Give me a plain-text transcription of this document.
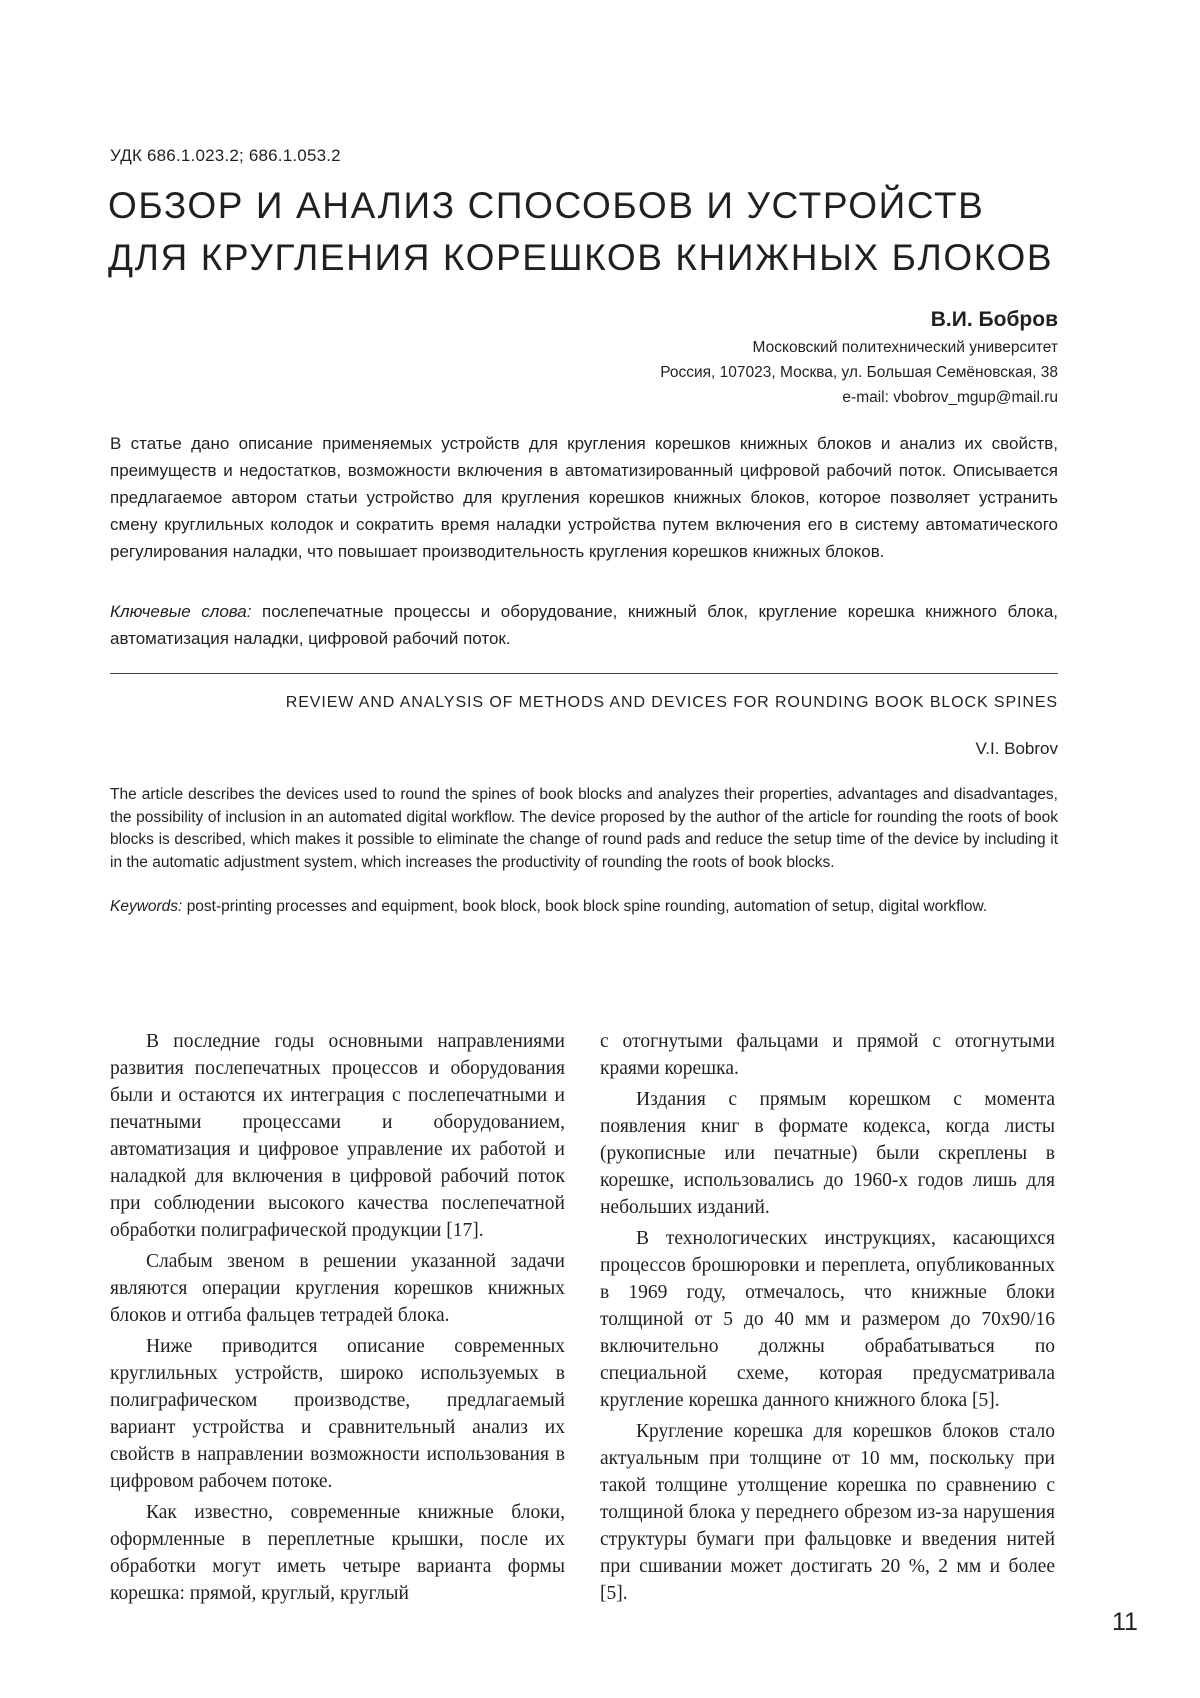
УДК 686.1.023.2; 686.1.053.2
ОБЗОР И АНАЛИЗ СПОСОБОВ И УСТРОЙСТВ
ДЛЯ КРУГЛЕНИЯ КОРЕШКОВ КНИЖНЫХ БЛОКОВ
В.И. Бобров
Московский политехнический университет
Россия, 107023, Москва, ул. Большая Семёновская, 38
e-mail: vbobrov_mgup@mail.ru

В статье дано описание применяемых устройств для кругления корешков книжных блоков и анализ их свойств, преимуществ и недостатков, возможности включения в автоматизированный цифровой рабочий поток. Описывается предлагаемое автором статьи устройство для кругления корешков книжных блоков, которое позволяет устранить смену круглильных колодок и сократить время наладки устройства путем включения его в систему автоматического регулирования наладки, что повышает производительность кругления корешков книжных блоков.

Ключевые слова: послепечатные процессы и оборудование, книжный блок, кругление корешка книжного блока, автоматизация наладки, цифровой рабочий поток.

REVIEW AND ANALYSIS OF METHODS AND DEVICES FOR ROUNDING BOOK BLOCK SPINES
V.I. Bobrov

The article describes the devices used to round the spines of book blocks and analyzes their properties, advantages and disadvantages, the possibility of inclusion in an automated digital workflow. The device proposed by the author of the article for rounding the roots of book blocks is described, which makes it possible to eliminate the change of round pads and reduce the setup time of the device by including it in the automatic adjustment system, which increases the productivity of rounding the roots of book blocks.

Keywords: post-printing processes and equipment, book block, book block spine rounding, automation of setup, digital workflow.

В последние годы основными направлениями развития послепечатных процессов и оборудования были и остаются их интеграция с послепечатными и печатными процессами и оборудованием, автоматизация и цифровое управление их работой и наладкой для включения в цифровой рабочий поток при соблюдении высокого качества послепечатной обработки полиграфической продукции [17].

Слабым звеном в решении указанной задачи являются операции кругления корешков книжных блоков и отгиба фальцев тетрадей блока.

Ниже приводится описание современных круглильных устройств, широко используемых в полиграфическом производстве, предлагаемый вариант устройства и сравнительный анализ их свойств в направлении возможности использования в цифровом рабочем потоке.

Как известно, современные книжные блоки, оформленные в переплетные крышки, после их обработки могут иметь четыре варианта формы корешка: прямой, круглый, круглый

с отогнутыми фальцами и прямой с отогнутыми краями корешка.

Издания с прямым корешком с момента появления книг в формате кодекса, когда листы (рукописные или печатные) были скреплены в корешке, использовались до 1960-х годов лишь для небольших изданий.

В технологических инструкциях, касающихся процессов брошюровки и переплета, опубликованных в 1969 году, отмечалось, что книжные блоки толщиной от 5 до 40 мм и размером до 70х90/16 включительно должны обрабатываться по специальной схеме, которая предусматривала кругление корешка данного книжного блока [5].

Кругление корешка для корешков блоков стало актуальным при толщине от 10 мм, поскольку при такой толщине утолщение корешка по сравнению с толщиной блока у переднего обрезом из-за нарушения структуры бумаги при фальцовке и введения нитей при сшивании может достигать 20 %, 2 мм и более [5].

11
